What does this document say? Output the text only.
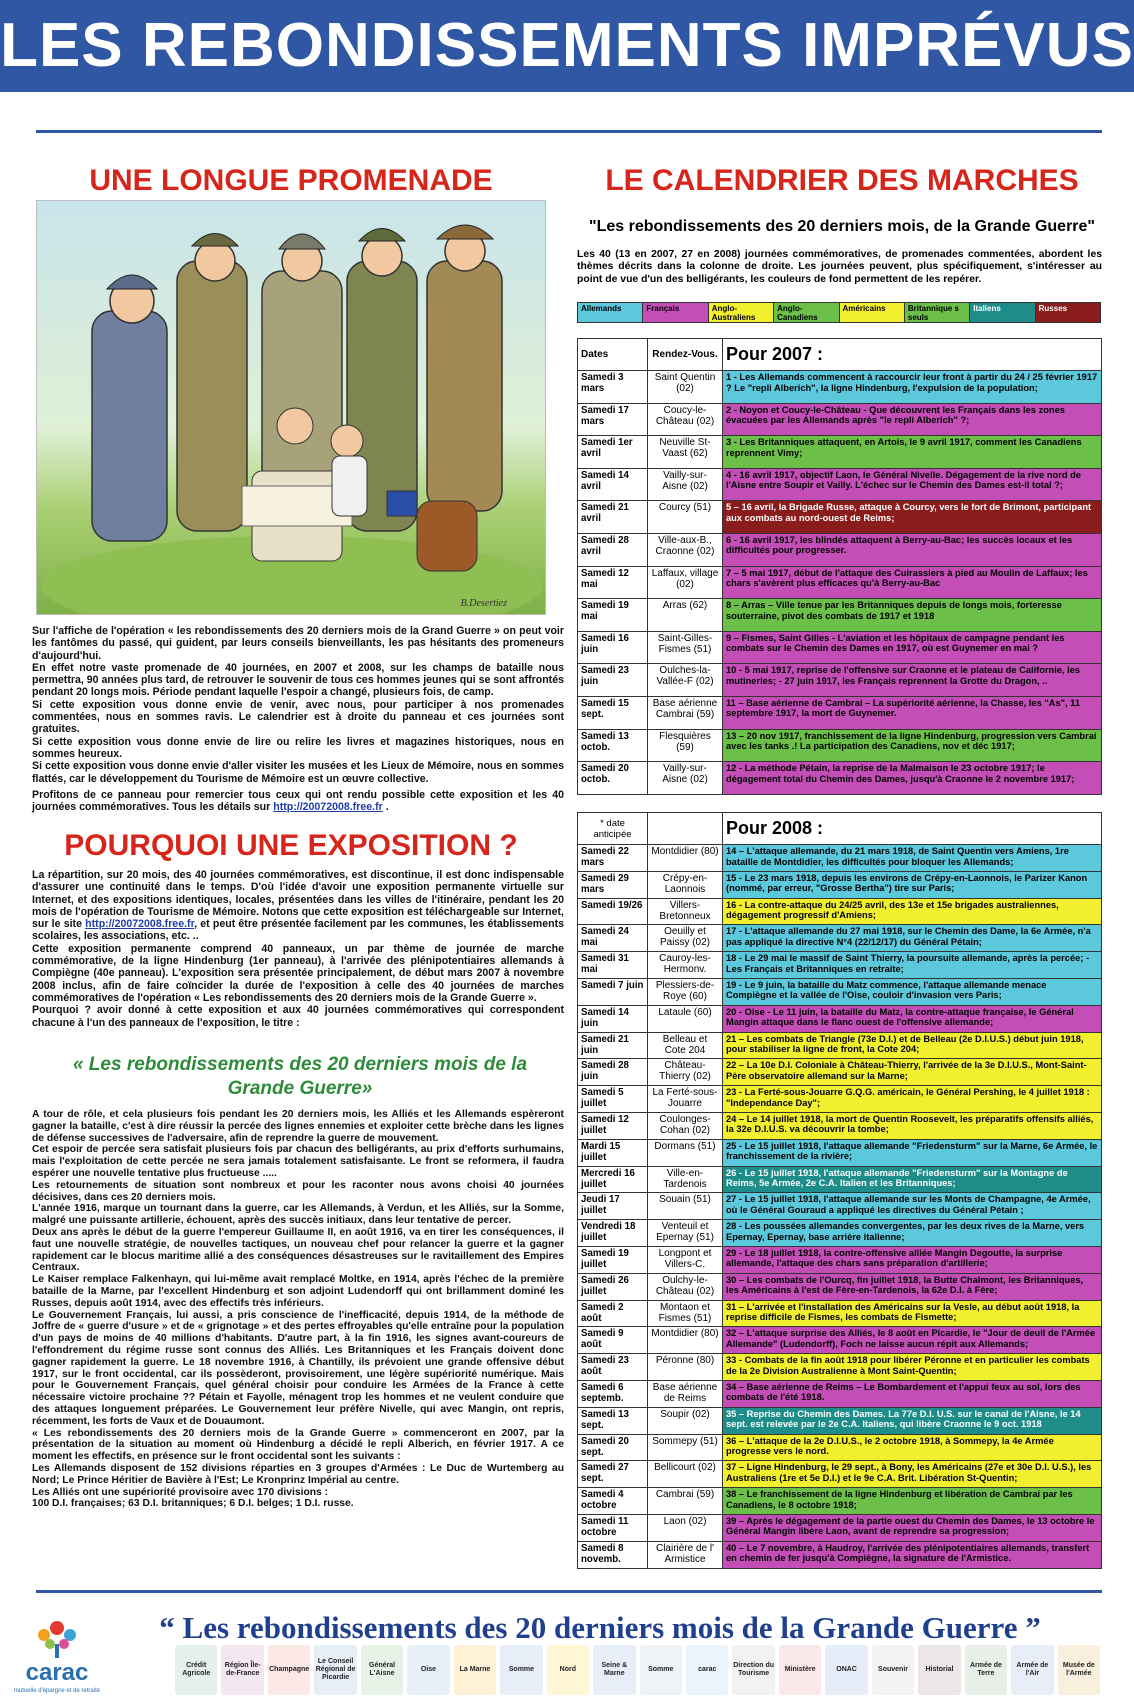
LES REBONDISSEMENTS IMPRÉVUS
UNE LONGUE PROMENADE
B.Desertiez

Sur l'affiche de l'opération « les rebondissements des 20 derniers mois de la Grand Guerre » on peut voir les fantômes du passé, qui guident, par leurs conseils bienveillants, les pas hésitants des promeneurs d'aujourd'hui.

En effet notre vaste promenade de 40 journées, en 2007 et 2008, sur les champs de bataille nous permettra, 90 années plus tard, de retrouver le souvenir de tous ces hommes jeunes qui se sont affrontés pendant 20 longs mois. Période pendant laquelle l'espoir a changé, plusieurs fois, de camp.

Si cette exposition vous donne envie de venir, avec nous, pour participer à nos promenades commentées, nous en sommes ravis. Le calendrier est à droite du panneau et ces journées sont gratuites.

Si cette exposition vous donne envie de lire ou relire les livres et magazines historiques, nous en sommes heureux.

Si cette exposition vous donne envie d'aller visiter les musées et les Lieux de Mémoire, nous en sommes flattés, car le développement du Tourisme de Mémoire est un œuvre collective.

Profitons de ce panneau pour remercier tous ceux qui ont rendu possible cette exposition et les 40 journées commémoratives. Tous les détails sur http://20072008.free.fr .

POURQUOI UNE EXPOSITION ?

La répartition, sur 20 mois, des 40 journées commémoratives, est discontinue, il est donc indispensable d'assurer une continuité dans le temps. D'où l'idée d'avoir une exposition permanente virtuelle sur Internet, et des expositions identiques, locales, présentées dans les villes de l'itinéraire, pendant les 20 mois de l'opération de Tourisme de Mémoire. Notons que cette exposition est téléchargeable sur Internet, sur le site http://20072008.free.fr, et peut être présentée facilement par les communes, les établissements scolaires, les associations, etc. ..

Cette exposition permanente comprend 40 panneaux, un par thème de journée de marche commémorative, de la ligne Hindenburg (1er panneau), à l'arrivée des plénipotentiaires allemands à Compiègne (40e panneau). L'exposition sera présentée principalement, de début mars 2007 à novembre 2008 inclus, afin de faire coïncider la durée de l'exposition à celle des 40 journées de marches commémoratives de l'opération « Les rebondissements des 20 derniers mois de la Grande Guerre ».

Pourquoi ? avoir donné à cette exposition et aux 40 journées commémoratives qui correspondent chacune à l'un des panneaux de l'exposition, le titre :

« Les rebondissements des 20 derniers mois de la Grande Guerre»

A tour de rôle, et cela plusieurs fois pendant les 20 derniers mois, les Alliés et les Allemands espèreront gagner la bataille, c'est à dire réussir la percée des lignes ennemies et exploiter cette brèche dans les lignes de défense successives de l'adversaire, afin de reprendre la guerre de mouvement.

Cet espoir de percée sera satisfait plusieurs fois par chacun des belligérants, au prix d'efforts surhumains, mais l'exploitation de cette percée ne sera jamais totalement satisfaisante. Le front se reformera, il faudra espérer une nouvelle tentative plus fructueuse .....

Les retournements de situation sont nombreux et pour les raconter nous avons choisi 40 journées décisives, dans ces 20 derniers mois.

L'année 1916, marque un tournant dans la guerre, car les Allemands, à Verdun, et les Alliés, sur la Somme, malgré une puissante artillerie, échouent, après des succès initiaux, dans leur tentative de percer.

Deux ans après le début de la guerre l'empereur Guillaume II, en août 1916, va en tirer les conséquences, il faut une nouvelle stratégie, de nouvelles tactiques, un nouveau chef pour relancer la guerre et la gagner rapidement car le blocus maritime allié a des conséquences désastreuses sur le ravitaillement des Empires Centraux.

Le Kaiser remplace Falkenhayn, qui lui-même avait remplacé Moltke, en 1914, après l'échec de la première bataille de la Marne, par l'excellent Hindenburg et son adjoint Ludendorff qui ont brillamment dominé les Russes, depuis août 1914, avec des effectifs très inférieurs.

Le Gouvernement Français, lui aussi, a pris conscience de l'inefficacité, depuis 1914, de la méthode de Joffre de « guerre d'usure » et de « grignotage » et des pertes effroyables qu'elle entraîne pour la population d'un pays de moins de 40 millions d'habitants. D'autre part, à la fin 1916, les signes avant-coureurs de l'effondrement du régime russe sont connus des Alliés. Les Britanniques et les Français doivent donc gagner rapidement la guerre. Le 18 novembre 1916, à Chantilly, ils prévoient une grande offensive début 1917, sur le front occidental, car ils possèderont, provisoirement, une légère supériorité numérique. Mais pour le Gouvernement Français, quel général choisir pour conduire les Armées de la France à cette nécessaire victoire prochaine ?? Pétain et Fayolle, ménagent trop les hommes et ne veulent conduire que des attaques longuement préparées. Le Gouvernement leur préfère Nivelle, qui avec Mangin, ont repris, récemment, les forts de Vaux et de Douaumont.

« Les rebondissements des 20 derniers mois de la Grande Guerre » commenceront en 2007, par la présentation de la situation au moment où Hindenburg a décidé le repli Alberich, en février 1917. A ce moment les effectifs, en présence sur le front occidental sont les suivants :

Les Allemands disposent de 152 divisions réparties en 3 groupes d'Armées : Le Duc de Wurtemberg au Nord; Le Prince Héritier de Bavière à l'Est; Le Kronprinz Impérial au centre.

Les Alliés ont une supériorité provisoire avec 170 divisions :

100 D.I. françaises; 63 D.I. britanniques; 6 D.I. belges; 1 D.I. russe.

LE CALENDRIER DES MARCHES
"Les rebondissements des 20 derniers mois, de la Grande Guerre"
Les 40 (13 en 2007, 27 en 2008) journées commémoratives, de promenades commentées, abordent les thèmes décrits dans la colonne de droite. Les journées peuvent, plus spécifiquement, s'intéresser au point de vue d'un des belligérants, les couleurs de fond permettent de les repérer.
Allemands	Français	Anglo-Australiens
Anglo-Canadiens
Américains	Britannique s seuls
Italiens	Russes
Dates	Rendez-Vous.	Pour 2007 :
Samedi 3 mars	Saint Quentin (02)	1 - Les Allemands commencent à raccourcir leur front à partir du 24 / 25 février 1917 ? Le "repli Alberich", la ligne Hindenburg, l'expulsion de la population;
Samedi 17 mars	Coucy-le-Château (02)	2 - Noyon et Coucy-le-Château - Que découvrent les Français dans les zones évacuées par les Allemands après "le repli Alberich" ?;
Samedi 1er avril	Neuville St-Vaast (62)	3 - Les Britanniques attaquent, en Artois, le 9 avril 1917, comment les Canadiens reprennent Vimy;
Samedi 14 avril	Vailly-sur-Aisne (02)	4 - 16 avril 1917, objectif Laon, le Général Nivelle. Dégagement de la rive nord de l'Aisne entre Soupir et Vailly. L'échec sur le Chemin des Dames est-il total ?;
Samedi 21 avril	Courcy (51)	5 – 16 avril, la Brigade Russe, attaque à Courcy, vers le fort de Brimont, participant aux combats au nord-ouest de Reims;
Samedi 28 avril	Ville-aux-B., Craonne (02)	6 - 16 avril 1917, les blindés attaquent à Berry-au-Bac; les succès locaux et les difficultés pour progresser.
Samedi 12 mai	Laffaux, village (02)	7 – 5 mai 1917, début de l'attaque des Cuirassiers à pied au Moulin de Laffaux; les chars s'avèrent plus efficaces qu'à Berry-au-Bac
Samedi 19 mai	Arras (62)	8 – Arras – Ville tenue par les Britanniques depuis de longs mois, forteresse souterraine, pivot des combats de 1917 et 1918
Samedi 16 juin	Saint-Gilles-Fismes (51)	9 – Fismes, Saint Gilles - L'aviation et les hôpitaux de campagne pendant les combats sur le Chemin des Dames en 1917, où est Guynemer en mai ?
Samedi 23 juin	Oulches-la-Vallée-F (02)	10 - 5 mai 1917, reprise de l'offensive sur Craonne et le plateau de Californie, les mutineries; - 27 juin 1917, les Français reprennent la Grotte du Dragon, ..
Samedi 15 sept.	Base aérienne Cambrai (59)	11 – Base aérienne de Cambrai – La supériorité aérienne, la Chasse, les "As", 11 septembre 1917, la mort de Guynemer.
Samedi 13 octob.	Flesquières (59)	13 – 20 nov 1917, franchissement de la ligne Hindenburg, progression vers Cambrai avec les tanks .! La participation des Canadiens, nov et déc 1917;
Samedi 20 octob.	Vailly-sur-Aisne (02)	12 - La méthode Pétain, la reprise de la Malmaison le 23 octobre 1917; le dégagement total du Chemin des Dames, jusqu'à Craonne le 2 novembre 1917;
* date anticipée		Pour 2008 :
Samedi 22 mars	Montdidier (80)	14 – L'attaque allemande, du 21 mars 1918, de Saint Quentin vers Amiens, 1re bataille de Montdidier, les difficultés pour bloquer les Allemands;
Samedi 29 mars	Crépy-en-Laonnois	15 - Le 23 mars 1918, depuis les environs de Crépy-en-Laonnois, le Parizer Kanon (nommé, par erreur, "Grosse Bertha") tire sur Paris;
Samedi 19/26	Villers-Bretonneux	16 - La contre-attaque du 24/25 avril, des 13e et 15e brigades australiennes, dégagement progressif d'Amiens;
Samedi 24 mai	Oeuilly et Paissy (02)	17 - L'attaque allemande du 27 mai 1918, sur le Chemin des Dame, la 6e Armée, n'a pas appliqué la directive N°4 (22/12/17) du Général Pétain;
Samedi 31 mai	Cauroy-les-Hermonv.	18 - Le 29 mai le massif de Saint Thierry, la poursuite allemande, après la percée; - Les Français et Britanniques en retraite;
Samedi 7 juin	Plessiers-de-Roye (60)	19 - Le 9 juin, la bataille du Matz commence, l'attaque allemande menace Compiègne et la vallée de l'Oise, couloir d'invasion vers Paris;
Samedi 14 juin	Lataule (60)	20 - Oise - Le 11 juin, la bataille du Matz, la contre-attaque française, le Général Mangin attaque dans le flanc ouest de l'offensive allemande;
Samedi 21 juin	Belleau et Cote 204	21 – Les combats de Triangle (73e D.I.) et de Belleau (2e D.I.U.S.) début juin 1918, pour stabiliser la ligne de front, la Cote 204;
Samedi 28 juin	Château-Thierry (02)	22 – La 10e D.I. Coloniale à Château-Thierry, l'arrivée de la 3e D.I.U.S., Mont-Saint-Père observatoire allemand sur la Marne;
Samedi 5 juillet	La Ferté-sous-Jouarre	23 - La Ferté-sous-Jouarre G.Q.G. américain, le Général Pershing, le 4 juillet 1918 : "Independance Day";
Samedi 12 juillet	Coulonges-Cohan (02)	24 – Le 14 juillet 1918, la mort de Quentin Roosevelt, les préparatifs offensifs alliés, la 32e D.I.U.S. va découvrir la tombe;
Mardi 15 juillet	Dormans (51)	25 - Le 15 juillet 1918, l'attaque allemande "Friedensturm" sur la Marne, 6e Armée, le franchissement de la rivière;
Mercredi 16 juillet	Ville-en-Tardenois	26 - Le 15 juillet 1918, l'attaque allemande "Friedensturm" sur la Montagne de Reims, 5e Armée, 2e C.A. Italien et les Britanniques;
Jeudi 17 juillet	Souain (51)	27 - Le 15 juillet 1918, l'attaque allemande sur les Monts de Champagne, 4e Armée, où le Général Gouraud a appliqué les directives du Général Pétain ;
Vendredi 18 juillet	Venteuil et Epernay (51)	28 - Les poussées allemandes convergentes, par les deux rives de la Marne, vers Epernay, Epernay, base arrière italienne;
Samedi 19 juillet	Longpont et Villers-C.	29 - Le 18 juillet 1918, la contre-offensive alliée Mangin Degoutte, la surprise allemande, l'attaque des chars sans préparation d'artillerie;
Samedi 26 juillet	Oulchy-le-Château (02)	30 – Les combats de l'Ourcq, fin juillet 1918, la Butte Chalmont, les Britanniques, les Américains à l'est de Fère-en-Tardenois, la 62e D.I. à Fère;
Samedi 2 août	Montaon et Fismes (51)	31 – L'arrivée et l'installation des Américains sur la Vesle, au début août 1918, la reprise difficile de Fismes, les combats de Fismette;
Samedi 9 août	Montdidier (80)	32 – L'attaque surprise des Alliés, le 8 août en Picardie, le "Jour de deuil de l'Armée Allemande" (Ludendorff), Foch ne laisse aucun répit aux Allemands;
Samedi 23 août	Péronne (80)	33 - Combats de la fin août 1918 pour libérer Péronne et en particulier les combats de la 2e Division Australienne à Mont Saint-Quentin;
Samedi 6 septemb.	Base aérienne de Reims	34 – Base aérienne de Reims – Le Bombardement et l'appui feux au sol, lors des combats de l'été 1918.
Samedi 13 sept.	Soupir (02)	35 – Reprise du Chemin des Dames. La 77e D.I. U.S. sur le canal de l'Aisne, le 14 sept. est relevée par le 2e C.A. Italiens, qui libère Craonne le 9 oct. 1918
Samedi 20 sept.	Sommepy (51)	36 – L'attaque de la 2e D.I.U.S., le 2 octobre 1918, à Sommepy, la 4e Armée progresse vers le nord.
Samedi 27 sept.	Bellicourt (02)	37 – Ligne Hindenburg, le 29 sept., à Bony, les Américains (27e et 30e D.I. U.S.), les Australiens (1re et 5e D.I.) et le 9e C.A. Brit. Libération St-Quentin;
Samedi 4 octobre	Cambrai (59)	38 – Le franchissement de la ligne Hindenburg et libération de Cambrai par les Canadiens, le 8 octobre 1918;
Samedi 11 octobre	Laon (02)	39 – Après le dégagement de la partie ouest du Chemin des Dames, le 13 octobre le Général Mangin libère Laon, avant de reprendre sa progression;
Samedi 8 novemb.	Clairière de l' Armistice	40 – Le 7 novembre, à Haudroy, l'arrivée des plénipotentiaires allemands, transfert en chemin de fer jusqu'à Compiègne, la signature de l'Armistice.
carac
mutuelle d'épargne et de retraite
“ Les rebondissements des 20 derniers mois de la Grande Guerre ”
Crédit Agricole
Région Île-de-France
Champagne
Le Conseil Régional de Picardie
Général L'Aisne
Oise	La Marne	Somme	Nord
Seine & Marne
Somme	carac
Direction du Tourisme
Ministère	ONAC	Souvenir	Historial
Armée de Terre
Armée de l'Air
Musée de l'Armée
